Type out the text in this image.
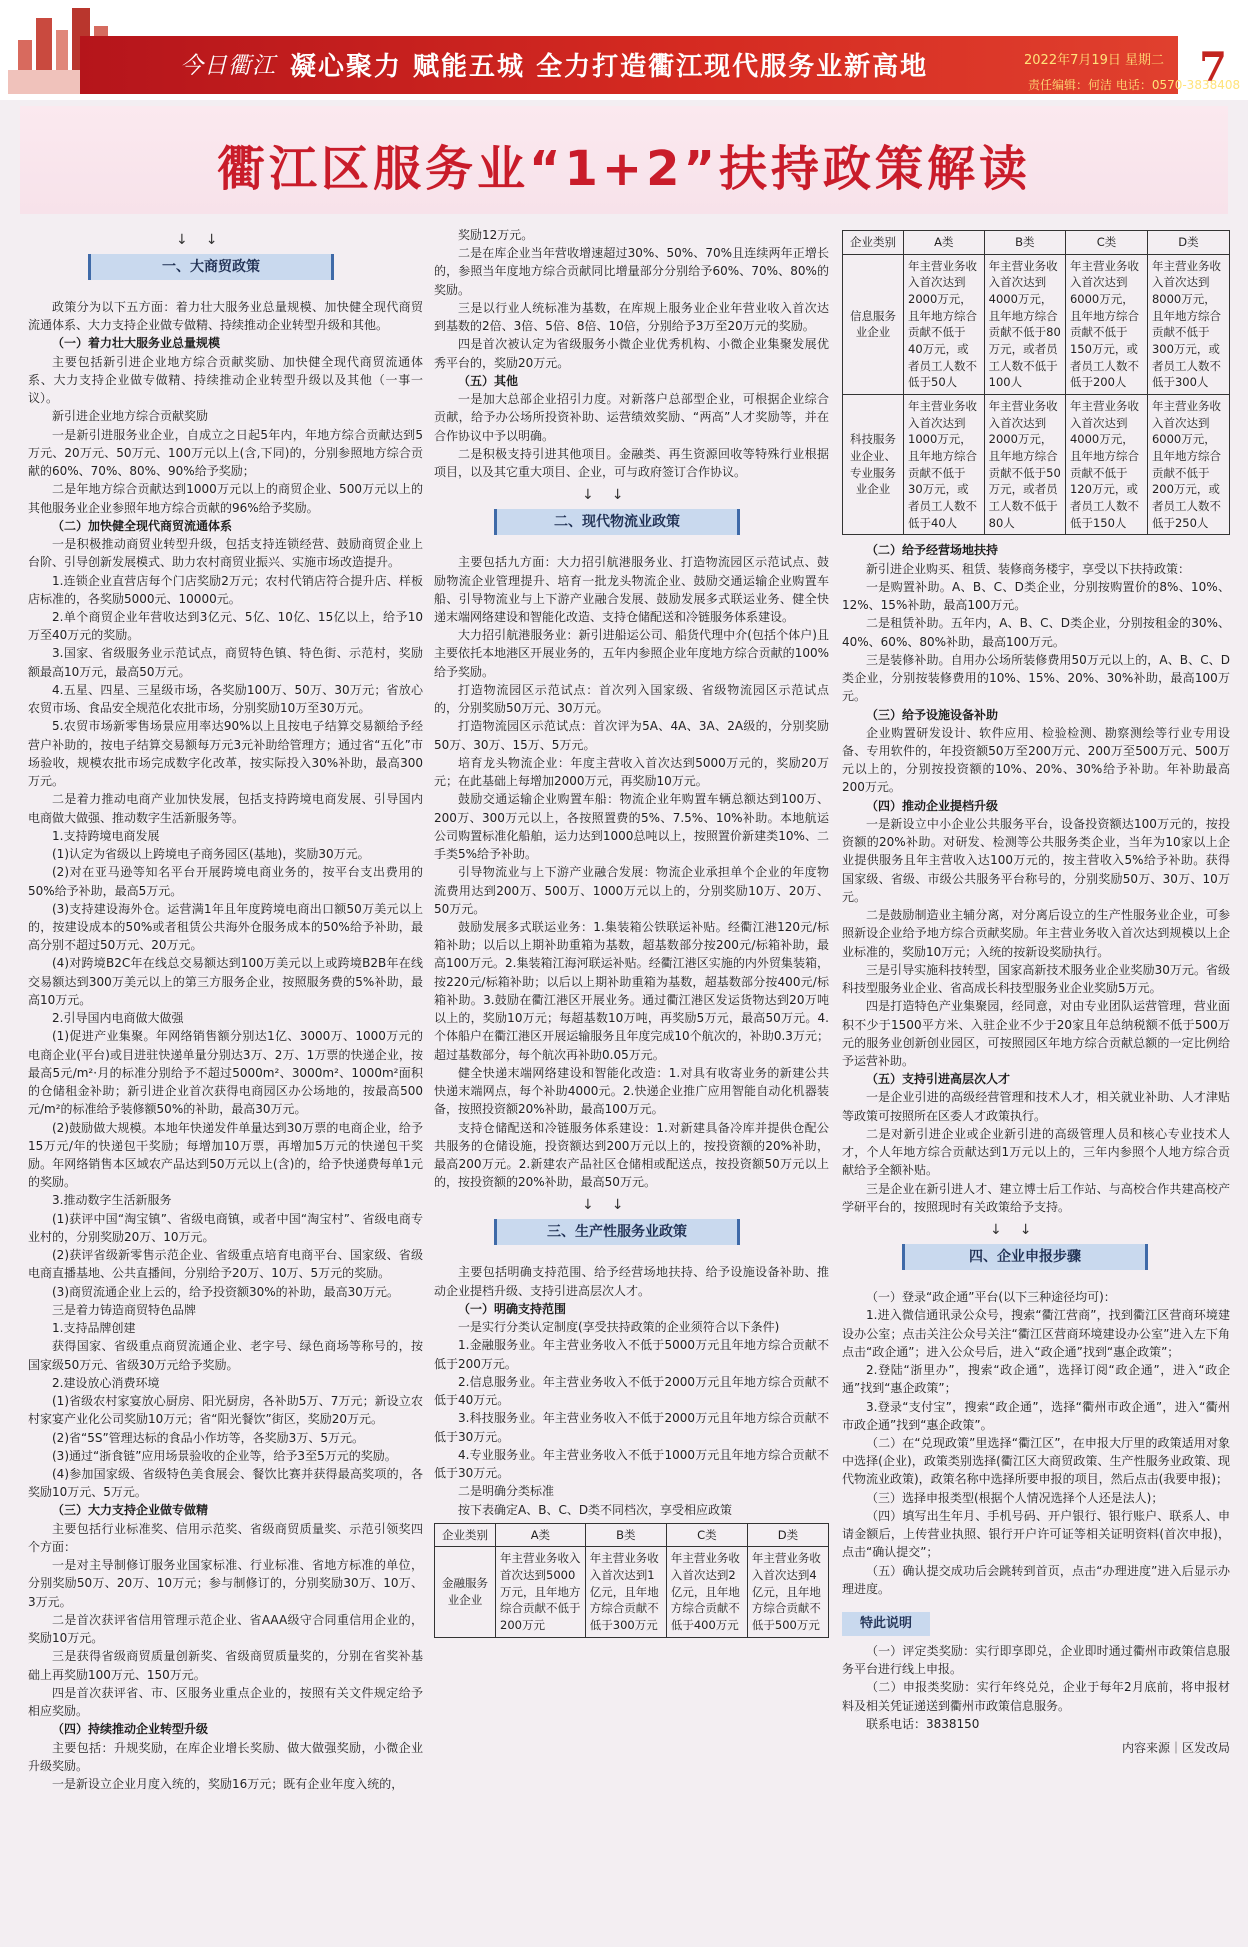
今日衢江 凝心聚力 赋能五城 全力打造衢江现代服务业新高地	2022年7月19日 星期二
责任编辑：何洁 电话：0570-3838408
7
衢江区服务业“1+2”扶持政策解读
↓↓
一、大商贸政策

政策分为以下五方面：着力壮大服务业总量规模、加快健全现代商贸流通体系、大力支持企业做专做精、持续推动企业转型升级和其他。

（一）着力壮大服务业总量规模

主要包括新引进企业地方综合贡献奖励、加快健全现代商贸流通体系、大力支持企业做专做精、持续推动企业转型升级以及其他（一事一议）。

新引进企业地方综合贡献奖励

一是新引进服务业企业，自成立之日起5年内，年地方综合贡献达到5万元、20万元、50万元、100万元以上(含,下同)的，分别参照地方综合贡献的60%、70%、80%、90%给予奖励；

二是年地方综合贡献达到1000万元以上的商贸企业、500万元以上的其他服务业企业参照年地方综合贡献的96%给予奖励。

（二）加快健全现代商贸流通体系

一是积极推动商贸业转型升级，包括支持连锁经营、鼓励商贸企业上台阶、引导创新发展模式、助力农村商贸业振兴、实施市场改造提升。

1.连锁企业直营店每个门店奖励2万元；农村代销店符合提升店、样板店标准的，各奖励5000元、10000元。

2.单个商贸企业年营收达到3亿元、5亿、10亿、15亿以上，给予10万至40万元的奖励。

3.国家、省级服务业示范试点，商贸特色镇、特色街、示范村，奖励额最高10万元，最高50万元。

4.五星、四星、三星级市场，各奖励100万、50万、30万元；省放心农贸市场、食品安全规范化农批市场，分别奖励10万至30万元。

5.农贸市场新零售场景应用率达90%以上且按电子结算交易额给予经营户补助的，按电子结算交易额每万元3元补助给管理方；通过省“五化”市场验收，规模农批市场完成数字化改革，按实际投入30%补助，最高300万元。

二是着力推动电商产业加快发展，包括支持跨境电商发展、引导国内电商做大做强、推动数字生活新服务等。

1.支持跨境电商发展

(1)认定为省级以上跨境电子商务园区(基地)，奖励30万元。

(2)对在亚马逊等知名平台开展跨境电商业务的，按平台支出费用的50%给予补助，最高5万元。

(3)支持建设海外仓。运营满1年且年度跨境电商出口额50万美元以上的，按建设成本的50%或者租赁公共海外仓服务成本的50%给予补助，最高分别不超过50万元、20万元。

(4)对跨境B2C年在线总交易额达到100万美元以上或跨境B2B年在线交易额达到300万美元以上的第三方服务企业，按照服务费的5%补助，最高10万元。

2.引导国内电商做大做强

(1)促进产业集聚。年网络销售额分别达1亿、3000万、1000万元的电商企业(平台)或目进驻快递单量分别达3万、2万、1万票的快递企业，按最高5元/m²·月的标准分别给予不超过5000m²、3000m²、1000m²面积的仓储租金补助；新引进企业首次获得电商园区办公场地的，按最高500元/m²的标准给予装修额50%的补助，最高30万元。

(2)鼓励做大规模。本地年快递发件单量达到30万票的电商企业，给予15万元/年的快递包干奖励；每增加10万票，再增加5万元的快递包干奖励。年网络销售本区域农产品达到50万元以上(含)的，给予快递费每单1元的奖励。

3.推动数字生活新服务

(1)获评中国“淘宝镇”、省级电商镇，或者中国“淘宝村”、省级电商专业村的，分别奖励20万、10万元。

(2)获评省级新零售示范企业、省级重点培育电商平台、国家级、省级电商直播基地、公共直播间，分别给予20万、10万、5万元的奖励。

(3)商贸流通企业上云的，给予投资额30%的补助，最高30万元。

三是着力铸造商贸特色品牌

1.支持品牌创建

获得国家、省级重点商贸流通企业、老字号、绿色商场等称号的，按国家级50万元、省级30万元给予奖励。

2.建设放心消费环境

(1)省级农村家宴放心厨房、阳光厨房，各补助5万、7万元；新设立农村家宴产业化公司奖励10万元；省“阳光餐饮”街区，奖励20万元。

(2)省“5S”管理达标的食品小作坊等，各奖励3万、5万元。

(3)通过“浙食链”应用场景验收的企业等，给予3至5万元的奖励。

(4)参加国家级、省级特色美食展会、餐饮比赛并获得最高奖项的，各奖励10万元、5万元。

（三）大力支持企业做专做精

主要包括行业标准奖、信用示范奖、省级商贸质量奖、示范引领奖四个方面：

一是对主导制修订服务业国家标准、行业标准、省地方标准的单位，分别奖励50万、20万、10万元；参与制修订的，分别奖励30万、10万、3万元。

二是首次获评省信用管理示范企业、省AAA级守合同重信用企业的，奖励10万元。

三是获得省级商贸质量创新奖、省级商贸质量奖的，分别在省奖补基础上再奖励100万元、150万元。

四是首次获评省、市、区服务业重点企业的，按照有关文件规定给予相应奖励。

（四）持续推动企业转型升级

主要包括：升规奖励，在库企业增长奖励、做大做强奖励，小微企业升级奖励。

一是新设立企业月度入统的，奖励16万元；既有企业年度入统的，

奖励12万元。

二是在库企业当年营收增速超过30%、50%、70%且连续两年正增长的，参照当年度地方综合贡献同比增量部分分别给予60%、70%、80%的奖励。

三是以行业人统标准为基数，在库规上服务业企业年营业收入首次达到基数的2倍、3倍、5倍、8倍、10倍，分别给予3万至20万元的奖励。

四是首次被认定为省级服务小微企业优秀机构、小微企业集聚发展优秀平台的，奖励20万元。

（五）其他

一是加大总部企业招引力度。对新落户总部型企业，可根据企业综合贡献，给予办公场所投资补助、运营绩效奖励、“两高”人才奖励等，并在合作协议中予以明确。

二是积极支持引进其他项目。金融类、再生资源回收等特殊行业根据项目，以及其它重大项目、企业，可与政府签订合作协议。

↓↓
二、现代物流业政策

主要包括九方面：大力招引航港服务业、打造物流园区示范试点、鼓励物流企业管理提升、培育一批龙头物流企业、鼓励交通运输企业购置车船、引导物流业与上下游产业融合发展、鼓励发展多式联运业务、健全快递末端网络建设和智能化改造、支持仓储配送和冷链服务体系建设。

大力招引航港服务业：新引进船运公司、船货代理中介(包括个体户)且主要依托本地港区开展业务的，五年内参照企业年度地方综合贡献的100%给予奖励。

打造物流园区示范试点：首次列入国家级、省级物流园区示范试点的，分别奖励50万元、30万元。

打造物流园区示范试点：首次评为5A、4A、3A、2A级的，分别奖励50万、30万、15万、5万元。

培育龙头物流企业：年度主营收入首次达到5000万元的，奖励20万元；在此基础上每增加2000万元，再奖励10万元。

鼓励交通运输企业购置车船：物流企业年购置车辆总额达到100万、200万、300万元以上，各按照置费的5%、7.5%、10%补助。本地航运公司购置标准化船舶，运力达到1000总吨以上，按照置价新建类10%、二手类5%给予补助。

引导物流业与上下游产业融合发展：物流企业承担单个企业的年度物流费用达到200万、500万、1000万元以上的，分别奖励10万、20万、50万元。

鼓励发展多式联运业务：1.集装箱公铁联运补贴。经衢江港120元/标箱补助；以后以上期补助重箱为基数，超基数部分按200元/标箱补助，最高100万元。2.集装箱江海河联运补贴。经衢江港区实施的内外贸集装箱，按220元/标箱补助；以后以上期补助重箱为基数，超基数部分按400元/标箱补助。3.鼓励在衢江港区开展业务。通过衢江港区发运货物达到20万吨以上的，奖励10万元；每超基数10万吨，再奖励5万元，最高50万元。4.个体船户在衢江港区开展运输服务且年度完成10个航次的，补助0.3万元；超过基数部分，每个航次再补助0.05万元。

健全快递末端网络建设和智能化改造：1.对具有收寄业务的新建公共快递末端网点，每个补助4000元。2.快递企业推广应用智能自动化机器装备，按照投资额20%补助，最高100万元。

支持仓储配送和冷链服务体系建设：1.对新建具备冷库并提供仓配公共服务的仓储设施，投资额达到200万元以上的，按投资额的20%补助，最高200万元。2.新建农产品社区仓储相或配送点，按投资额50万元以上的，按投资额的20%补助，最高50万元。

↓↓
三、生产性服务业政策

主要包括明确支持范围、给予经营场地扶持、给予设施设备补助、推动企业提档升级、支持引进高层次人才。

（一）明确支持范围

一是实行分类认定制度(享受扶持政策的企业须符合以下条件)

1.金融服务业。年主营业务收入不低于5000万元且年地方综合贡献不低于200万元。

2.信息服务业。年主营业务收入不低于2000万元且年地方综合贡献不低于40万元。

3.科技服务业。年主营业务收入不低于2000万元且年地方综合贡献不低于30万元。

4.专业服务业。年主营业务收入不低于1000万元且年地方综合贡献不低于30万元。

二是明确分类标准

按下表确定A、B、C、D类不同档次，享受相应政策

企业类别	A类	B类	C类	D类
金融服务业企业	年主营业务收入首次达到5000万元，且年地方综合贡献不低于200万元	年主营业务收入首次达到1亿元，且年地方综合贡献不低于300万元	年主营业务收入首次达到2亿元，且年地方综合贡献不低于400万元	年主营业务收入首次达到4亿元，且年地方综合贡献不低于500万元
企业类别	A类	B类	C类	D类
信息服务业企业	年主营业务收入首次达到2000万元，且年地方综合贡献不低于40万元，或者员工人数不低于50人	年主营业务收入首次达到4000万元，且年地方综合贡献不低于80万元，或者员工人数不低于100人	年主营业务收入首次达到6000万元，且年地方综合贡献不低于150万元，或者员工人数不低于200人	年主营业务收入首次达到8000万元，且年地方综合贡献不低于300万元，或者员工人数不低于300人
科技服务业企业、专业服务业企业	年主营业务收入首次达到1000万元，且年地方综合贡献不低于30万元，或者员工人数不低于40人	年主营业务收入首次达到2000万元，且年地方综合贡献不低于50万元，或者员工人数不低于80人	年主营业务收入首次达到4000万元，且年地方综合贡献不低于120万元，或者员工人数不低于150人	年主营业务收入首次达到6000万元，且年地方综合贡献不低于200万元，或者员工人数不低于250人

（二）给予经营场地扶持

新引进企业购买、租赁、装修商务楼宇，享受以下扶持政策：

一是购置补助。A、B、C、D类企业，分别按购置价的8%、10%、12%、15%补助，最高100万元。

二是租赁补助。五年内，A、B、C、D类企业，分别按租金的30%、40%、60%、80%补助，最高100万元。

三是装修补助。自用办公场所装修费用50万元以上的，A、B、C、D类企业，分别按装修费用的10%、15%、20%、30%补助，最高100万元。

（三）给予设施设备补助

企业购置研发设计、软件应用、检验检测、勘察测绘等行业专用设备、专用软件的，年投资额50万至200万元、200万至500万元、500万元以上的，分别按投资额的10%、20%、30%给予补助。年补助最高200万元。

（四）推动企业提档升级

一是新设立中小企业公共服务平台，设备投资额达100万元的，按投资额的20%补助。对研发、检测等公共服务类企业，当年为10家以上企业提供服务且年主营收入达100万元的，按主营收入5%给予补助。获得国家级、省级、市级公共服务平台称号的，分别奖励50万、30万、10万元。

二是鼓励制造业主辅分离，对分离后设立的生产性服务业企业，可参照新设企业给予地方综合贡献奖励。年主营业务收入首次达到规模以上企业标准的，奖励10万元；入统的按新设奖励执行。

三是引导实施科技转型，国家高新技术服务业企业奖励30万元。省级科技型服务业企业、省高成长科技型服务业企业奖励5万元。

四是打造特色产业集聚园，经同意，对由专业团队运营管理，营业面积不少于1500平方米、入驻企业不少于20家且年总纳税额不低于500万元的服务业创新创业园区，可按照园区年地方综合贡献总额的一定比例给予运营补助。

（五）支持引进高层次人才

一是企业引进的高级经营管理和技术人才，相关就业补助、人才津贴等政策可按照所在区委人才政策执行。

二是对新引进企业或企业新引进的高级管理人员和核心专业技术人才，个人年地方综合贡献达到1万元以上的，三年内参照个人地方综合贡献给予全额补贴。

三是企业在新引进人才、建立博士后工作站、与高校合作共建高校产学研平台的，按照现时有关政策给予支持。

↓↓
四、企业申报步骤

（一）登录“政企通”平台(以下三种途径均可)：

1.进入微信通讯录公众号，搜索“衢江营商”，找到衢江区营商环境建设办公室；点击关注公众号关注“衢江区营商环境建设办公室”进入左下角点击“政企通”；进入公众号后，进入“政企通”找到“惠企政策”；

2.登陆“浙里办”，搜索“政企通”，选择订阅“政企通”，进入“政企通”找到“惠企政策”；

3.登录“支付宝”，搜索“政企通”，选择“衢州市政企通”，进入“衢州市政企通”找到“惠企政策”。

（二）在“兑现政策”里选择“衢江区”，在申报大厅里的政策适用对象中选择(企业)，政策类别选择(衢江区大商贸政策、生产性服务业政策、现代物流业政策)，政策名称中选择所要申报的项目，然后点击(我要申报)；

（三）选择申报类型(根据个人情况选择个人还是法人)；

（四）填写出生年月、手机号码、开户银行、银行账户、联系人、申请金额后，上传营业执照、银行开户许可证等相关证明资料(首次申报)，点击“确认提交”；

（五）确认提交成功后会跳转到首页，点击“办理进度”进入后显示办理进度。

特此说明

（一）评定类奖励：实行即享即兑，企业即时通过衢州市政策信息服务平台进行线上申报。

（二）申报类奖励：实行年终兑兑，企业于每年2月底前，将申报材料及相关凭证递送到衢州市政策信息服务。

联系电话：3838150

内容来源｜区发改局
